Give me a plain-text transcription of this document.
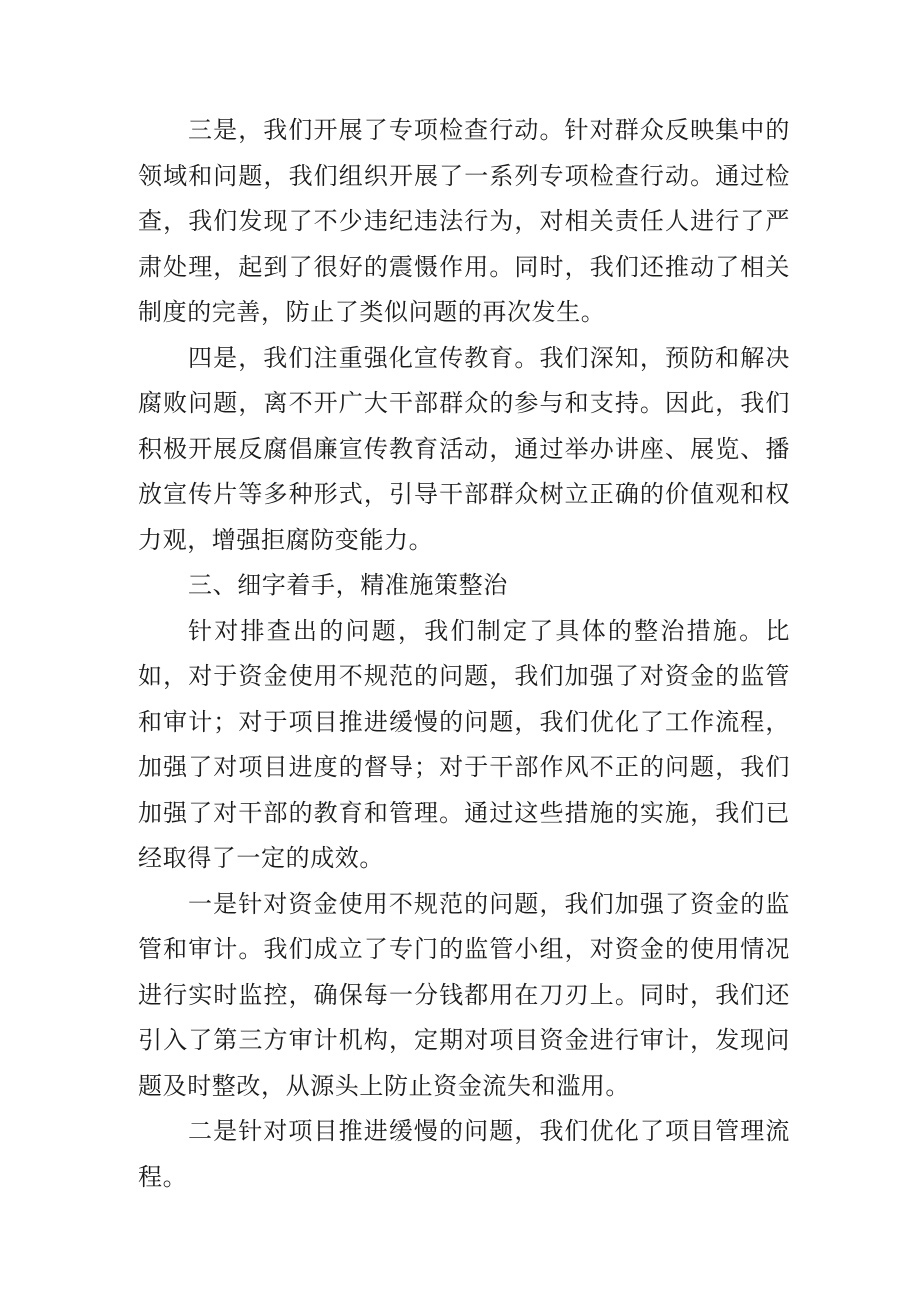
三是，我们开展了专项检查行动。针对群众反映集中的领域和问题，我们组织开展了一系列专项检查行动。通过检查，我们发现了不少违纪违法行为，对相关责任人进行了严肃处理，起到了很好的震慑作用。同时，我们还推动了相关制度的完善，防止了类似问题的再次发生。

四是，我们注重强化宣传教育。我们深知，预防和解决腐败问题，离不开广大干部群众的参与和支持。因此，我们积极开展反腐倡廉宣传教育活动，通过举办讲座、展览、播放宣传片等多种形式，引导干部群众树立正确的价值观和权力观，增强拒腐防变能力。

三、细字着手，精准施策整治

针对排查出的问题，我们制定了具体的整治措施。比如，对于资金使用不规范的问题，我们加强了对资金的监管和审计；对于项目推进缓慢的问题，我们优化了工作流程，加强了对项目进度的督导；对于干部作风不正的问题，我们加强了对干部的教育和管理。通过这些措施的实施，我们已经取得了一定的成效。

一是针对资金使用不规范的问题，我们加强了资金的监管和审计。我们成立了专门的监管小组，对资金的使用情况进行实时监控，确保每一分钱都用在刀刃上。同时，我们还引入了第三方审计机构，定期对项目资金进行审计，发现问题及时整改，从源头上防止资金流失和滥用。

二是针对项目推进缓慢的问题，我们优化了项目管理流程。
